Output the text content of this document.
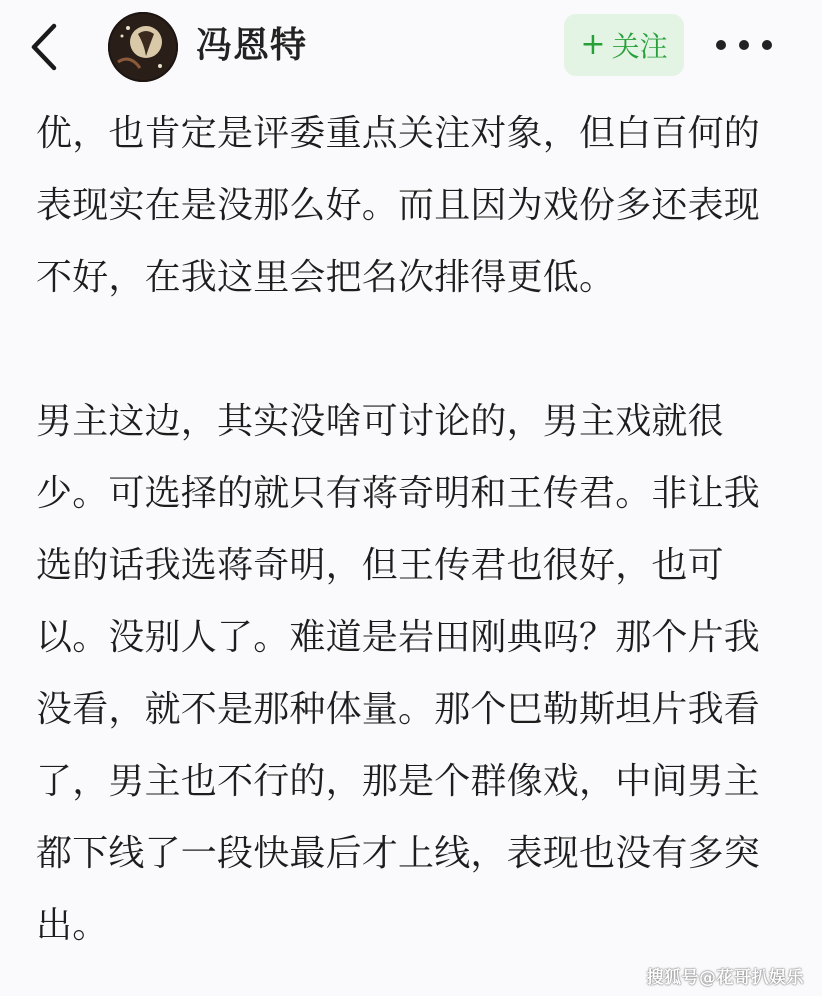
冯恩特	+ 关注

优，也肯定是评委重点关注对象，但白百何的表现实在是没那么好。而且因为戏份多还表现不好，在我这里会把名次排得更低。

男主这边，其实没啥可讨论的，男主戏就很少。可选择的就只有蒋奇明和王传君。非让我选的话我选蒋奇明，但王传君也很好，也可以。没别人了。难道是岩田刚典吗？那个片我没看，就不是那种体量。那个巴勒斯坦片我看了，男主也不行的，那是个群像戏，中间男主都下线了一段快最后才上线，表现也没有多突出。

搜狐号@花哥扒娱乐
